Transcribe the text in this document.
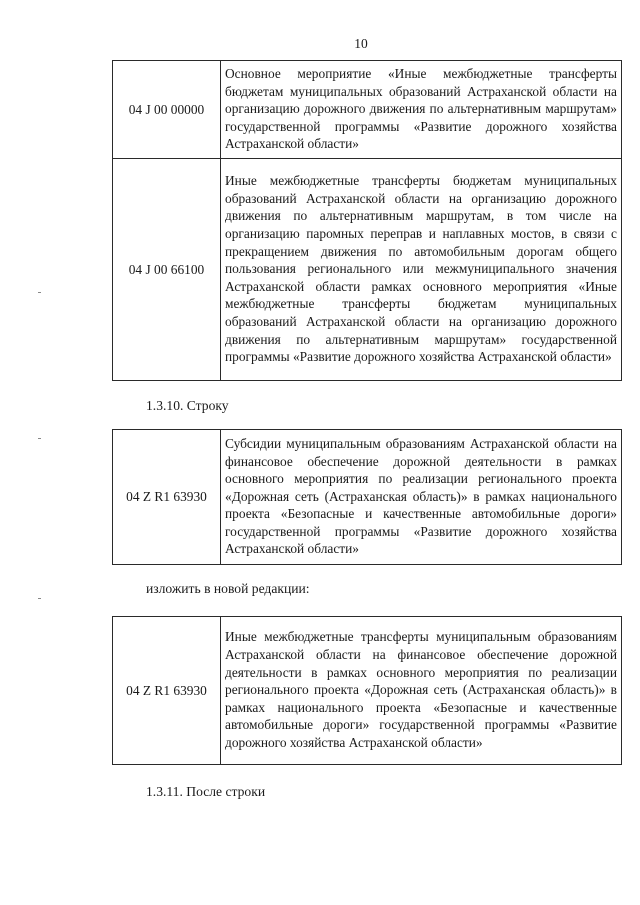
10
04 J 00 00000	Основное мероприятие «Иные межбюджетные трансферты бюджетам муниципальных образований Астраханской области на организацию дорожного движения по альтернативным маршрутам» государственной программы «Развитие дорожного хозяйства Астраханской области»
04 J 00 66100	Иные межбюджетные трансферты бюджетам муниципальных образований Астраханской области на организацию дорожного движения по альтернативным маршрутам, в том числе на организацию паромных переправ и наплавных мостов, в связи с прекращением движения по автомобильным дорогам общего пользования регионального или межмуниципального значения Астраханской области рамках основного мероприятия «Иные межбюджетные трансферты бюджетам муниципальных образований Астраханской области на организацию дорожного движения по альтернативным маршрутам» государственной программы «Развитие дорожного хозяйства Астраханской области»
1.3.10. Строку
04 Z R1 63930	Субсидии муниципальным образованиям Астраханской области на финансовое обеспечение дорожной деятельности в рамках основного мероприятия по реализации регионального проекта «Дорожная сеть (Астраханская область)» в рамках национального проекта «Безопасные и качественные автомобильные дороги» государственной программы «Развитие дорожного хозяйства Астраханской области»
изложить в новой редакции:
04 Z R1 63930	Иные межбюджетные трансферты муниципальным образованиям Астраханской области на финансовое обеспечение дорожной деятельности в рамках основного мероприятия по реализации регионального проекта «Дорожная сеть (Астраханская область)» в рамках национального проекта «Безопасные и качественные автомобильные дороги» государственной программы «Развитие дорожного хозяйства Астраханской области»
1.3.11. После строки
